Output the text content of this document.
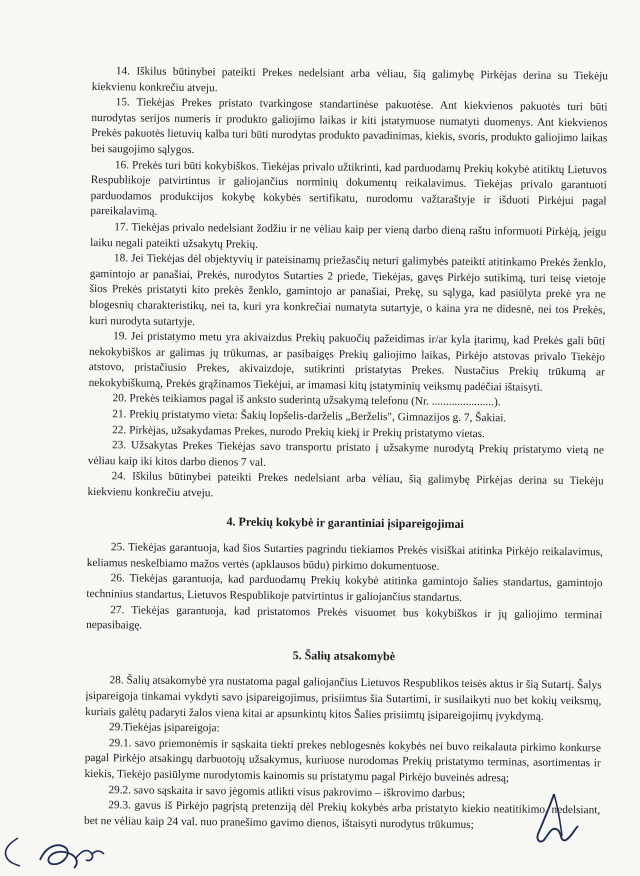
14. Iškilus būtinybei pateikti Prekes nedelsiant arba vėliau, šią galimybę Pirkėjas derina su Tiekėju kiekvienu konkrečiu atveju.

15. Tiekėjas Prekes pristato tvarkingose standartinėse pakuotėse. Ant kiekvienos pakuotės turi būti nurodytas serijos numeris ir produkto galiojimo laikas ir kiti įstatymuose numatyti duomenys. Ant kiekvienos Prekės pakuotės lietuvių kalba turi būti nurodytas produkto pavadinimas, kiekis, svoris, produkto galiojimo laikas bei saugojimo sąlygos.

16. Prekės turi būti kokybiškos. Tiekėjas privalo užtikrinti, kad parduodamų Prekių kokybė atitiktų Lietuvos Respublikoje patvirtintus ir galiojančius norminių dokumentų reikalavimus. Tiekėjas privalo garantuoti parduodamos produkcijos kokybę kokybės sertifikatu, nurodomu važtaraštyje ir išduoti Pirkėjui pagal pareikalavimą.

17. Tiekėjas privalo nedelsiant žodžiu ir ne vėliau kaip per vieną darbo dieną raštu informuoti Pirkėją, jeigu laiku negali pateikti užsakytų Prekių.

18. Jei Tiekėjas dėl objektyvių ir pateisinamų priežasčių neturi galimybės pateikti atitinkamo Prekės ženklo, gamintojo ar panašiai, Prekės, nurodytos Sutarties 2 priede, Tiekėjas, gavęs Pirkėjo sutikimą, turi teisę vietoje šios Prekės pristatyti kito prekės ženklo, gamintojo ar panašiai, Prekę, su sąlyga, kad pasiūlyta prekė yra ne blogesnių charakteristikų, nei ta, kuri yra konkrečiai numatyta sutartyje, o kaina yra ne didesnė, nei tos Prekės, kuri nurodyta sutartyje.

19. Jei pristatymo metu yra akivaizdus Prekių pakuočių pažeidimas ir/ar kyla įtarimų, kad Prekės gali būti nekokybiškos ar galimas jų trūkumas, ar pasibaigęs Prekių galiojimo laikas, Pirkėjo atstovas privalo Tiekėjo atstovo, pristačiusio Prekes, akivaizdoje, sutikrinti pristatytas Prekes. Nustačius Prekių trūkumą ar nekokybiškumą, Prekės grąžinamos Tiekėjui, ar imamasi kitų įstatyminių veiksmų padėčiai ištaisyti.

20. Prekės teikiamos pagal iš anksto suderintą užsakymą telefonu (Nr. ......................).

21. Prekių pristatymo vieta: Šakių lopšelis-darželis „Berželis", Gimnazijos g. 7, Šakiai.

22. Pirkėjas, užsakydamas Prekes, nurodo Prekių kiekį ir Prekių pristatymo vietas.

23. Užsakytas Prekes Tiekėjas savo transportu pristato į užsakyme nurodytą Prekių pristatymo vietą ne vėliau kaip iki kitos darbo dienos 7 val.

24. Iškilus būtinybei pateikti Prekes nedelsiant arba vėliau, šią galimybę Pirkėjas derina su Tiekėju kiekvienu konkrečiu atveju.

4. Prekių kokybė ir garantiniai įsipareigojimai

25. Tiekėjas garantuoja, kad šios Sutarties pagrindu tiekiamos Prekės visiškai atitinka Pirkėjo reikalavimus, keliamus neskelbiamo mažos vertės (apklausos būdu) pirkimo dokumentuose.

26. Tiekėjas garantuoja, kad parduodamų Prekių kokybė atitinka gamintojo šalies standartus, gamintojo techninius standartus, Lietuvos Respublikoje patvirtintus ir galiojančius standartus.

27. Tiekėjas garantuoja, kad pristatomos Prekės visuomet bus kokybiškos ir jų galiojimo terminai nepasibaigę.

5. Šalių atsakomybė

28. Šalių atsakomybė yra nustatoma pagal galiojančius Lietuvos Respublikos teisės aktus ir šią Sutartį. Šalys įsipareigoja tinkamai vykdyti savo įsipareigojimus, prisiimtus šia Sutartimi, ir susilaikyti nuo bet kokių veiksmų, kuriais galėtų padaryti žalos viena kitai ar apsunkintų kitos Šalies prisiimtų įsipareigojimų įvykdymą.

29.Tiekėjas įsipareigoja:

29.1. savo priemonėmis ir sąskaita tiekti prekes neblogesnės kokybės nei buvo reikalauta pirkimo konkurse pagal Pirkėjo atsakingų darbuotojų užsakymus, kuriuose nurodomas Prekių pristatymo terminas, asortimentas ir kiekis, Tiekėjo pasiūlyme nurodytomis kainomis su pristatymu pagal Pirkėjo buveinės adresą;

29.2. savo sąskaita ir savo jėgomis atlikti visus pakrovimo – iškrovimo darbus;

29.3. gavus iš Pirkėjo pagrįstą pretenziją dėl Prekių kokybės arba pristatyto kiekio neatitikimo, nedelsiant, bet ne vėliau kaip 24 val. nuo pranešimo gavimo dienos, ištaisyti nurodytus trūkumus;
